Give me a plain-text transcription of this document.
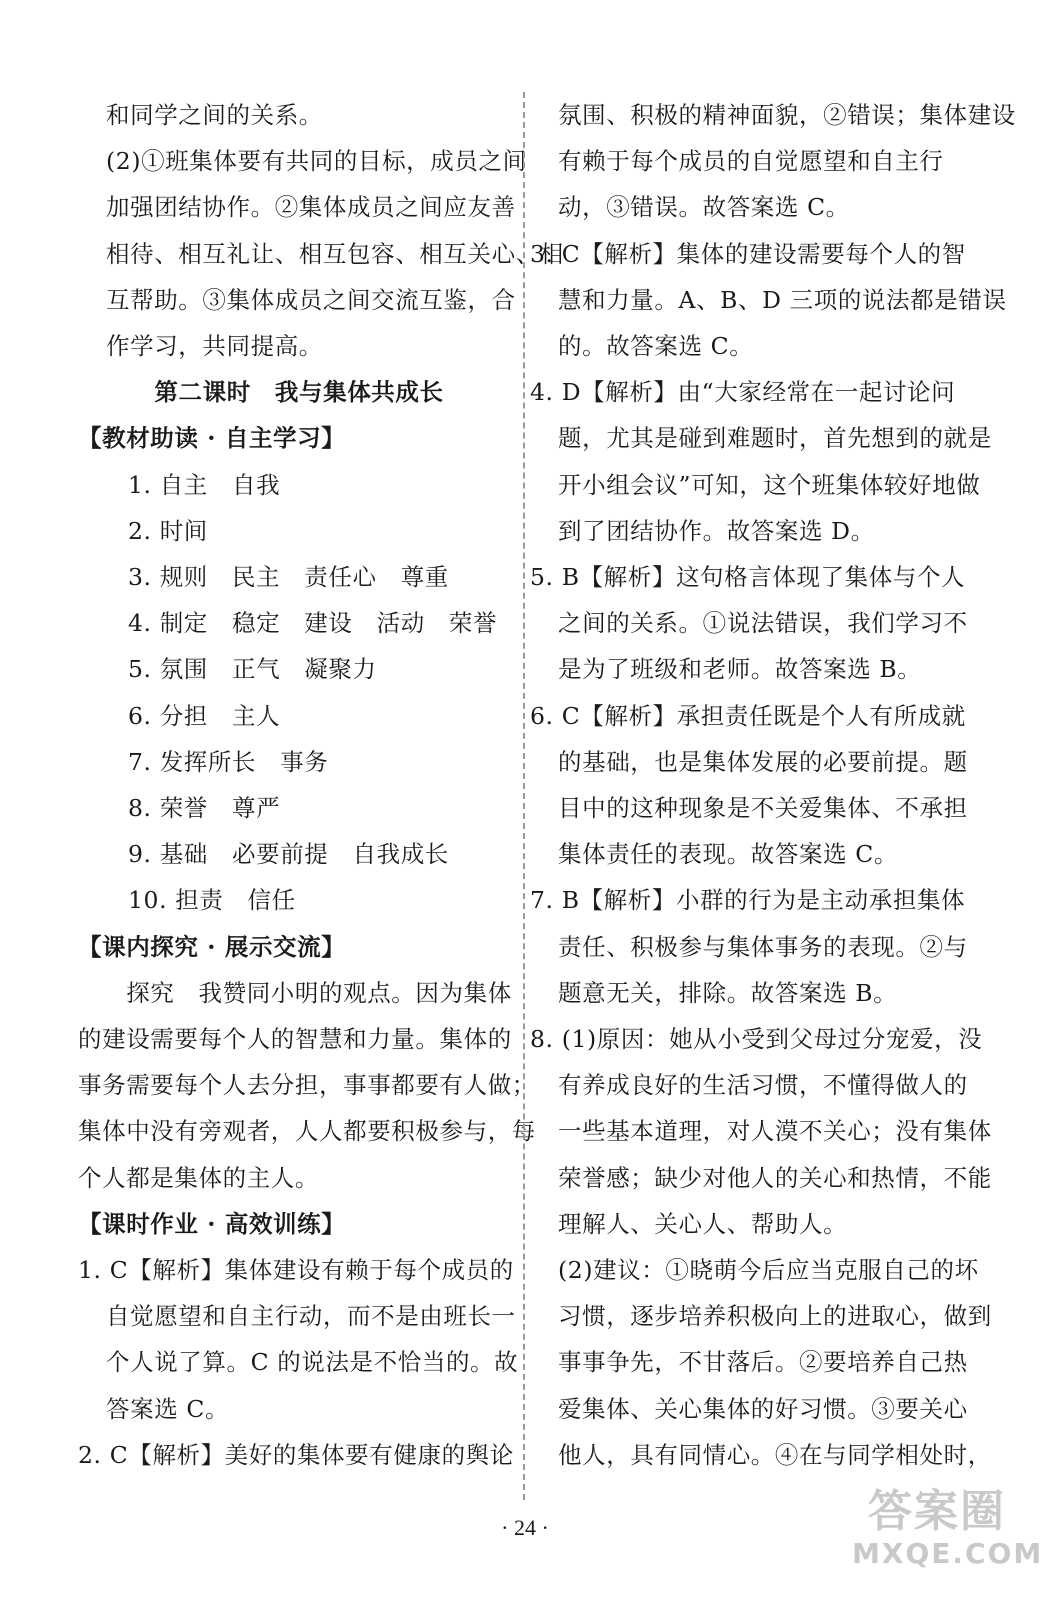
和同学之间的关系。
(2)①班集体要有共同的目标，成员之间
加强团结协作。②集体成员之间应友善
相待、相互礼让、相互包容、相互关心、相
互帮助。③集体成员之间交流互鉴，合
作学习，共同提高。
第二课时　我与集体共成长
【教材助读 · 自主学习】
1. 自主　自我
2. 时间
3. 规则　民主　责任心　尊重
4. 制定　稳定　建设　活动　荣誉
5. 氛围　正气　凝聚力
6. 分担　主人
7. 发挥所长　事务
8. 荣誉　尊严
9. 基础　必要前提　自我成长
10. 担责　信任
【课内探究 · 展示交流】
　　探究　我赞同小明的观点。因为集体
的建设需要每个人的智慧和力量。集体的
事务需要每个人去分担，事事都要有人做；
集体中没有旁观者，人人都要积极参与，每
个人都是集体的主人。
【课时作业 · 高效训练】
1. C【解析】集体建设有赖于每个成员的
自觉愿望和自主行动，而不是由班长一
个人说了算。C 的说法是不恰当的。故
答案选 C。
2. C【解析】美好的集体要有健康的舆论
氛围、积极的精神面貌，②错误；集体建设
有赖于每个成员的自觉愿望和自主行
动，③错误。故答案选 C。
3. C【解析】集体的建设需要每个人的智
慧和力量。A、B、D 三项的说法都是错误
的。故答案选 C。
4. D【解析】由“大家经常在一起讨论问
题，尤其是碰到难题时，首先想到的就是
开小组会议”可知，这个班集体较好地做
到了团结协作。故答案选 D。
5. B【解析】这句格言体现了集体与个人
之间的关系。①说法错误，我们学习不
是为了班级和老师。故答案选 B。
6. C【解析】承担责任既是个人有所成就
的基础，也是集体发展的必要前提。题
目中的这种现象是不关爱集体、不承担
集体责任的表现。故答案选 C。
7. B【解析】小群的行为是主动承担集体
责任、积极参与集体事务的表现。②与
题意无关，排除。故答案选 B。
8. (1)原因：她从小受到父母过分宠爱，没
有养成良好的生活习惯，不懂得做人的
一些基本道理，对人漠不关心；没有集体
荣誉感；缺少对他人的关心和热情，不能
理解人、关心人、帮助人。
(2)建议：①晓萌今后应当克服自己的坏
习惯，逐步培养积极向上的进取心，做到
事事争先，不甘落后。②要培养自己热
爱集体、关心集体的好习惯。③要关心
他人，具有同情心。④在与同学相处时，
· 24 ·	答案圈
MXQE.COM
